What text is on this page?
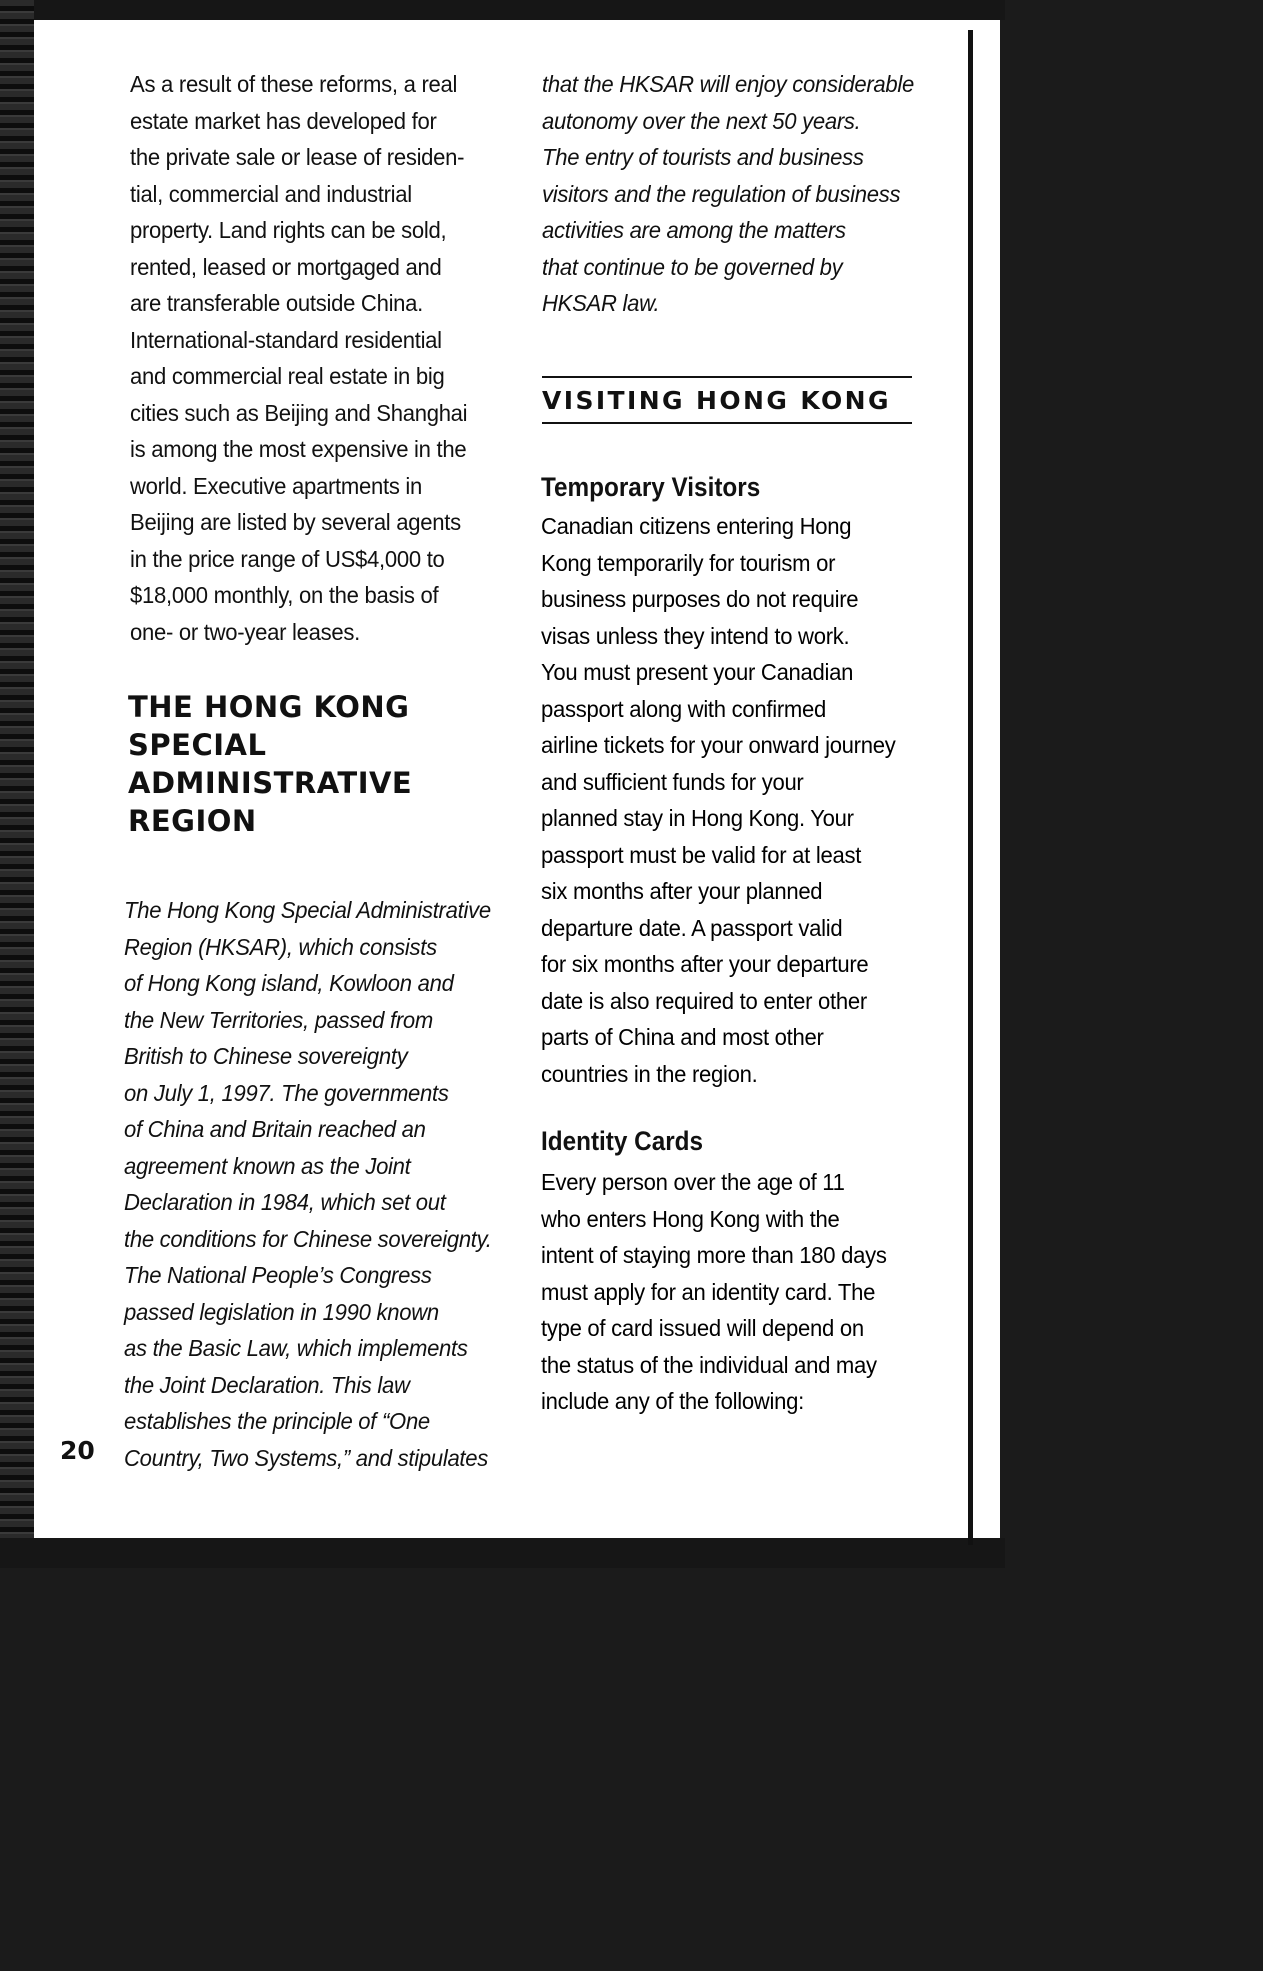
As a result of these reforms, a real
estate market has developed for
the private sale or lease of residen-
tial, commercial and industrial
property. Land rights can be sold,
rented, leased or mortgaged and
are transferable outside China.
International-standard residential
and commercial real estate in big
cities such as Beijing and Shanghai
is among the most expensive in the
world. Executive apartments in
Beijing are listed by several agents
in the price range of US$4,000 to
$18,000 monthly, on the basis of
one- or two-year leases.

THE HONG KONG
SPECIAL
ADMINISTRATIVE
REGION

The Hong Kong Special Administrative
Region (HKSAR), which consists
of Hong Kong island, Kowloon and
the New Territories, passed from
British to Chinese sovereignty
on July 1, 1997. The governments
of China and Britain reached an
agreement known as the Joint
Declaration in 1984, which set out
the conditions for Chinese sovereignty.
The National People’s Congress
passed legislation in 1990 known
as the Basic Law, which implements
the Joint Declaration. This law
establishes the principle of “One
Country, Two Systems,” and stipulates

20

that the HKSAR will enjoy considerable
autonomy over the next 50 years.
The entry of tourists and business
visitors and the regulation of business
activities are among the matters
that continue to be governed by
HKSAR law.

VISITING HONG KONG
Temporary Visitors

Canadian citizens entering Hong
Kong temporarily for tourism or
business purposes do not require
visas unless they intend to work.
You must present your Canadian
passport along with confirmed
airline tickets for your onward journey
and sufficient funds for your
planned stay in Hong Kong. Your
passport must be valid for at least
six months after your planned
departure date. A passport valid
for six months after your departure
date is also required to enter other
parts of China and most other
countries in the region.

Identity Cards

Every person over the age of 11
who enters Hong Kong with the
intent of staying more than 180 days
must apply for an identity card. The
type of card issued will depend on
the status of the individual and may
include any of the following:
